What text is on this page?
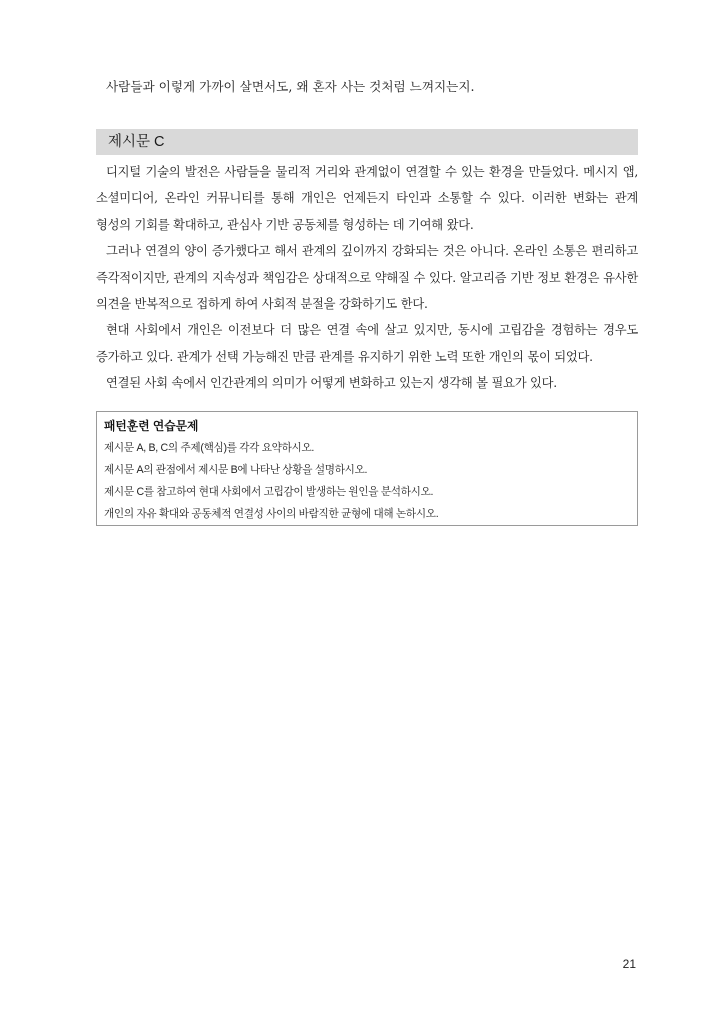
사람들과 이렇게 가까이 살면서도, 왜 혼자 사는 것처럼 느껴지는지.
제시문 C

디지털 기술의 발전은 사람들을 물리적 거리와 관계없이 연결할 수 있는 환경을 만들었다. 메시지 앱, 소셜미디어, 온라인 커뮤니티를 통해 개인은 언제든지 타인과 소통할 수 있다. 이러한 변화는 관계 형성의 기회를 확대하고, 관심사 기반 공동체를 형성하는 데 기여해 왔다.

그러나 연결의 양이 증가했다고 해서 관계의 깊이까지 강화되는 것은 아니다. 온라인 소통은 편리하고 즉각적이지만, 관계의 지속성과 책임감은 상대적으로 약해질 수 있다. 알고리즘 기반 정보 환경은 유사한 의견을 반복적으로 접하게 하여 사회적 분절을 강화하기도 한다.

현대 사회에서 개인은 이전보다 더 많은 연결 속에 살고 있지만, 동시에 고립감을 경험하는 경우도 증가하고 있다. 관계가 선택 가능해진 만큼 관계를 유지하기 위한 노력 또한 개인의 몫이 되었다.

연결된 사회 속에서 인간관계의 의미가 어떻게 변화하고 있는지 생각해 볼 필요가 있다.

패턴훈련 연습문제
제시문 A, B, C의 주제(핵심)를 각각 요약하시오.
제시문 A의 관점에서 제시문 B에 나타난 상황을 설명하시오.
제시문 C를 참고하여 현대 사회에서 고립감이 발생하는 원인을 분석하시오.
개인의 자유 확대와 공동체적 연결성 사이의 바람직한 균형에 대해 논하시오.
21
